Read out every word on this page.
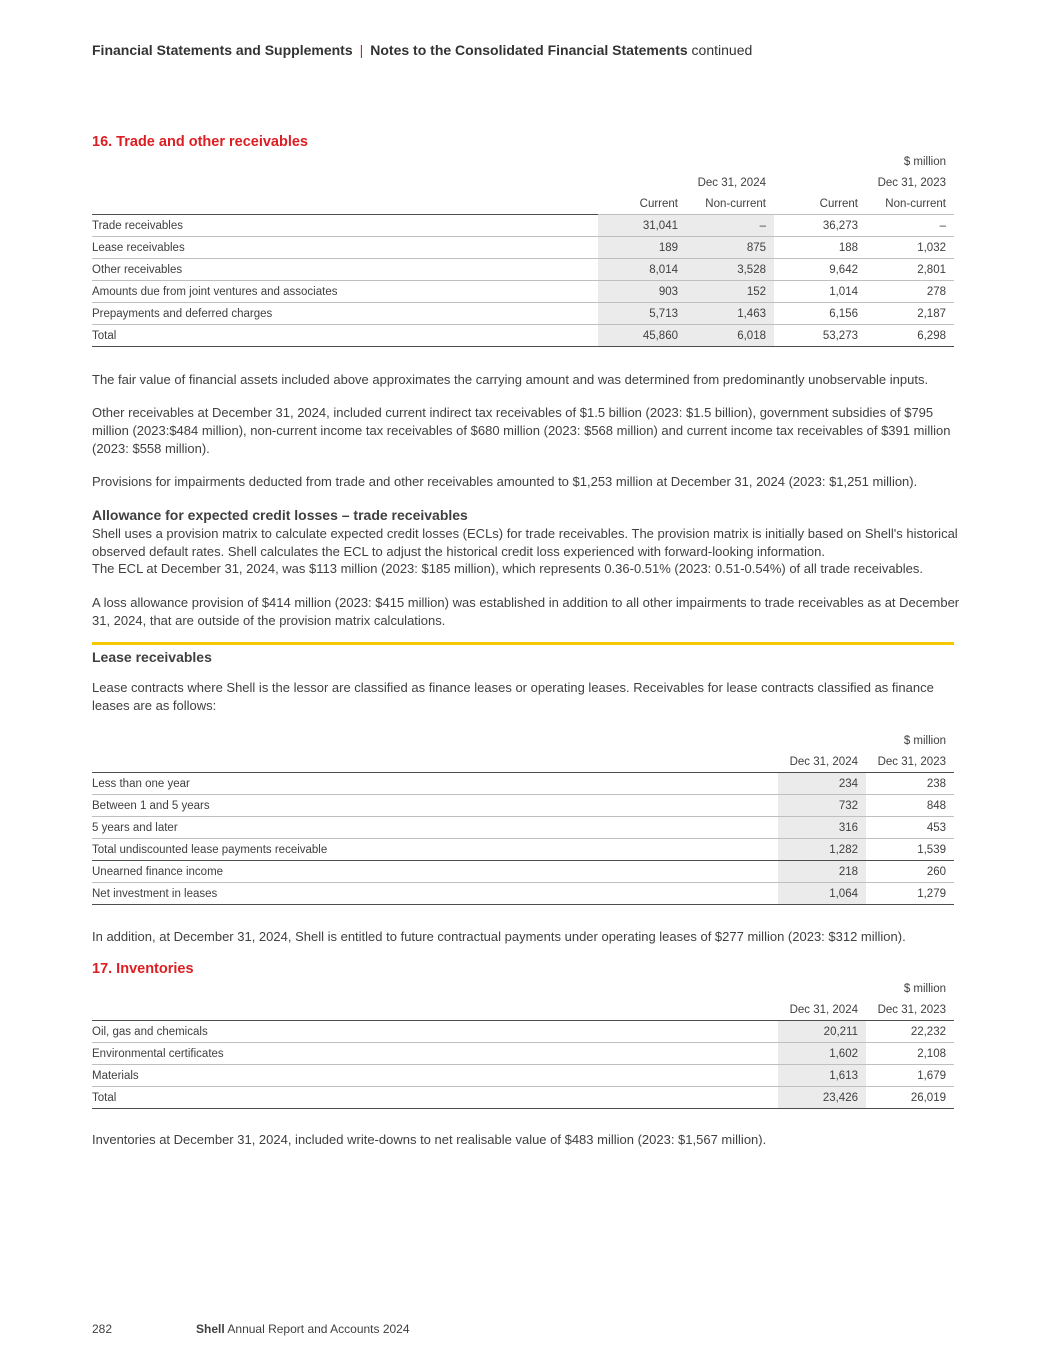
Financial Statements and Supplements | Notes to the Consolidated Financial Statements continued
16. Trade and other receivables
				$ million
	Dec 31, 2024		Dec 31, 2023	
	Current	Non-current	Current	Non-current
Trade receivables	31,041	–	36,273	–
Lease receivables	189	875	188	1,032
Other receivables	8,014	3,528	9,642	2,801
Amounts due from joint ventures and associates	903	152	1,014	278
Prepayments and deferred charges	5,713	1,463	6,156	2,187
Total	45,860	6,018	53,273	6,298

The fair value of financial assets included above approximates the carrying amount and was determined from predominantly unobservable inputs.

Other receivables at December 31, 2024, included current indirect tax receivables of $1.5 billion (2023: $1.5 billion), government subsidies of $795 million (2023:$484 million), non-current income tax receivables of $680 million (2023: $568 million) and current income tax receivables of $391 million (2023: $558 million).

Provisions for impairments deducted from trade and other receivables amounted to $1,253 million at December 31, 2024 (2023: $1,251 million).

Allowance for expected credit losses – trade receivables

Shell uses a provision matrix to calculate expected credit losses (ECLs) for trade receivables. The provision matrix is initially based on Shell's historical observed default rates. Shell calculates the ECL to adjust the historical credit loss experienced with forward-looking information.

The ECL at December 31, 2024, was $113 million (2023: $185 million), which represents 0.36-0.51% (2023: 0.51-0.54%) of all trade receivables.

A loss allowance provision of $414 million (2023: $415 million) was established in addition to all other impairments to trade receivables as at December 31, 2024, that are outside of the provision matrix calculations.

Lease receivables

Lease contracts where Shell is the lessor are classified as finance leases or operating leases. Receivables for lease contracts classified as finance leases are as follows:

		$ million
	Dec 31, 2024	Dec 31, 2023
Less than one year	234	238
Between 1 and 5 years	732	848
5 years and later	316	453
Total undiscounted lease payments receivable	1,282	1,539
Unearned finance income	218	260
Net investment in leases	1,064	1,279

In addition, at December 31, 2024, Shell is entitled to future contractual payments under operating leases of $277 million (2023: $312 million).

17. Inventories
		$ million
	Dec 31, 2024	Dec 31, 2023
Oil, gas and chemicals	20,211	22,232
Environmental certificates	1,602	2,108
Materials	1,613	1,679
Total	23,426	26,019

Inventories at December 31, 2024, included write-downs to net realisable value of $483 million (2023: $1,567 million).

282	Shell Annual Report and Accounts 2024
